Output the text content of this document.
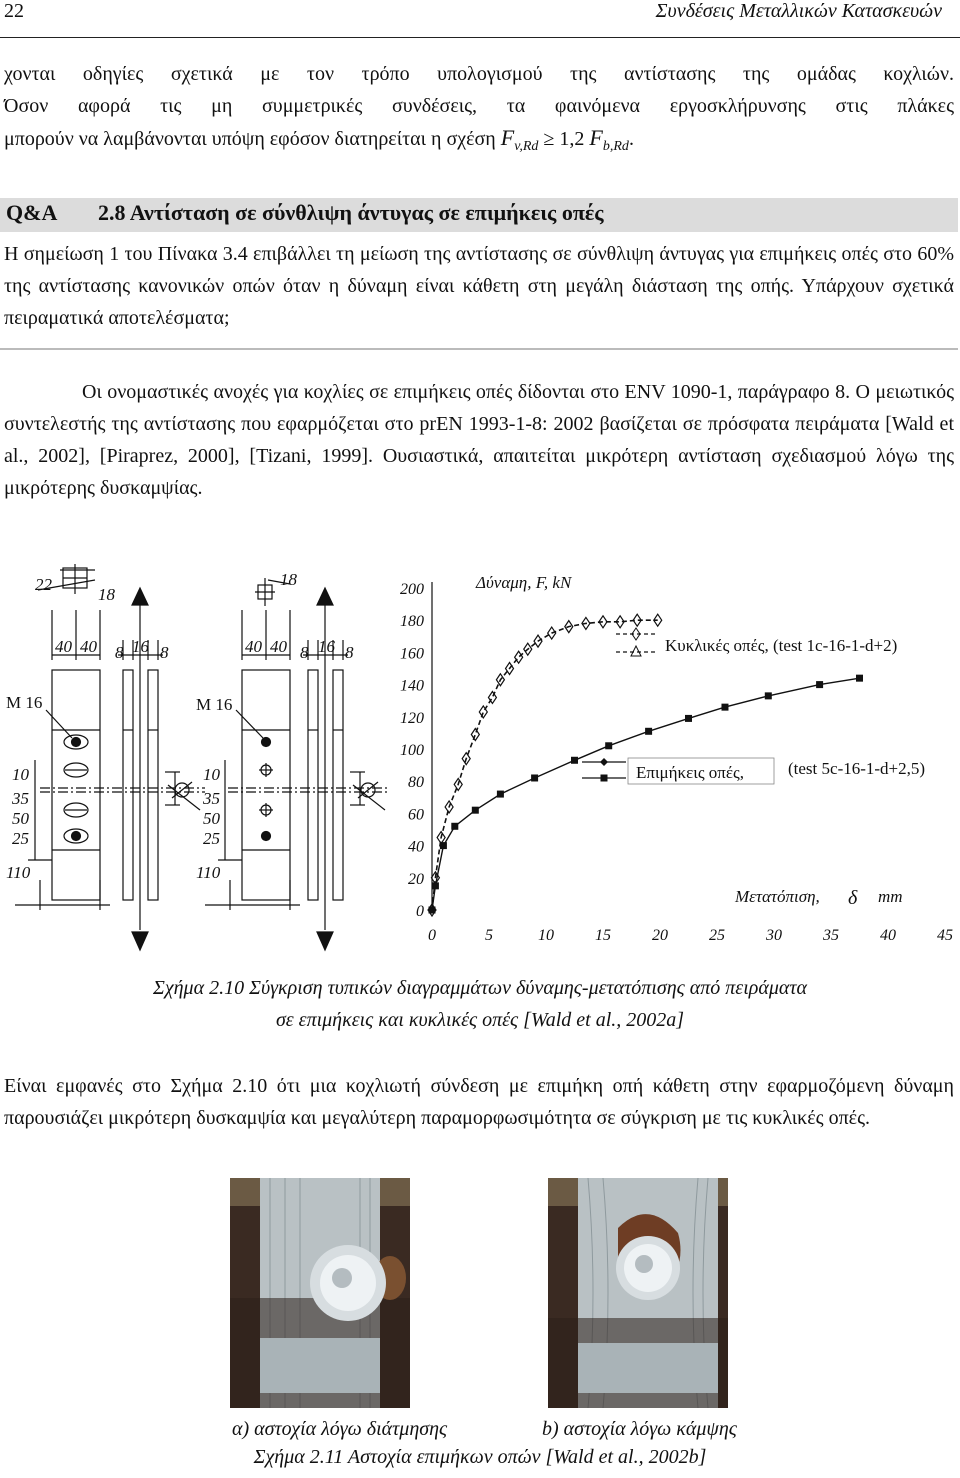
22	Συνδέσεις Μεταλλικών Κατασκευών
χονται οδηγίες σχετικά με τον τρόπο υπολογισμού της αντίστασης της ομάδας κοχλιών.
Όσον αφορά τις μη συμμετρικές συνδέσεις, τα φαινόμενα εργοσκλήρυνσης στις πλάκες
μπορούν να λαμβάνονται υπόψη εφόσον διατηρείται η σχέση $F_{v,Rd} \ge 1,2$ $F_{b,Rd}$.
Q&A 2.8 Αντίσταση σε σύνθλιψη άντυγας σε επιμήκεις οπές
Η σημείωση 1 του Πίνακα 3.4 επιβάλλει τη μείωση της αντίστασης σε σύνθλιψη άντυγας για επιμήκεις οπές στο 60% της αντίστασης κανονικών οπών όταν η δύναμη είναι κάθετη στη μεγάλη διάσταση της οπής. Υπάρχουν σχετικά πειραματικά αποτελέσματα;
Οι ονομαστικές ανοχές για κοχλίες σε επιμήκεις οπές δίδονται στο ENV 1090-1, παράγραφο 8. Ο μειωτικός συντελεστής της αντίστασης που εφαρμόζεται στο prEN 1993-1-8: 2002 βασίζεται σε πρόσφατα πειράματα [Wald et al., 2002], [Piraprez, 2000], [Tizani, 1999]. Ουσιαστικά, απαιτείται μικρότερη αντίσταση σχεδιασμού λόγω της μικρότερης δυσκαμψίας.
22
18
40 40 8 16 8
M 16
10
35
50
25
110
18
40 40 8 16 8
M 16
10
35
50
25
110
0
20
40
60
80
100
120
140
160
180
200
0	5	10	15	20	25	30	35	40	45
Δύναμη, F, kN
Μετατόπιση, δ mm
Κυκλικές οπές, (test 1c-16-1-d+2)
Επιμήκεις οπές,	(test 5c-16-1-d+2,5)
Σχήμα 2.10 Σύγκριση τυπικών διαγραμμάτων δύναμης-μετατόπισης από πειράματα
σε επιμήκεις και κυκλικές οπές [Wald et al., 2002a]
Είναι εμφανές στο Σχήμα 2.10 ότι μια κοχλιωτή σύνδεση με επιμήκη οπή κάθετη στην εφαρμοζόμενη δύναμη παρουσιάζει μικρότερη δυσκαμψία και μεγαλύτερη παραμορφωσιμότητα σε σύγκριση με τις κυκλικές οπές.
α) αστοχία λόγω διάτμησης	b) αστοχία λόγω κάμψης
Σχήμα 2.11 Αστοχία επιμήκων οπών [Wald et al., 2002b]
